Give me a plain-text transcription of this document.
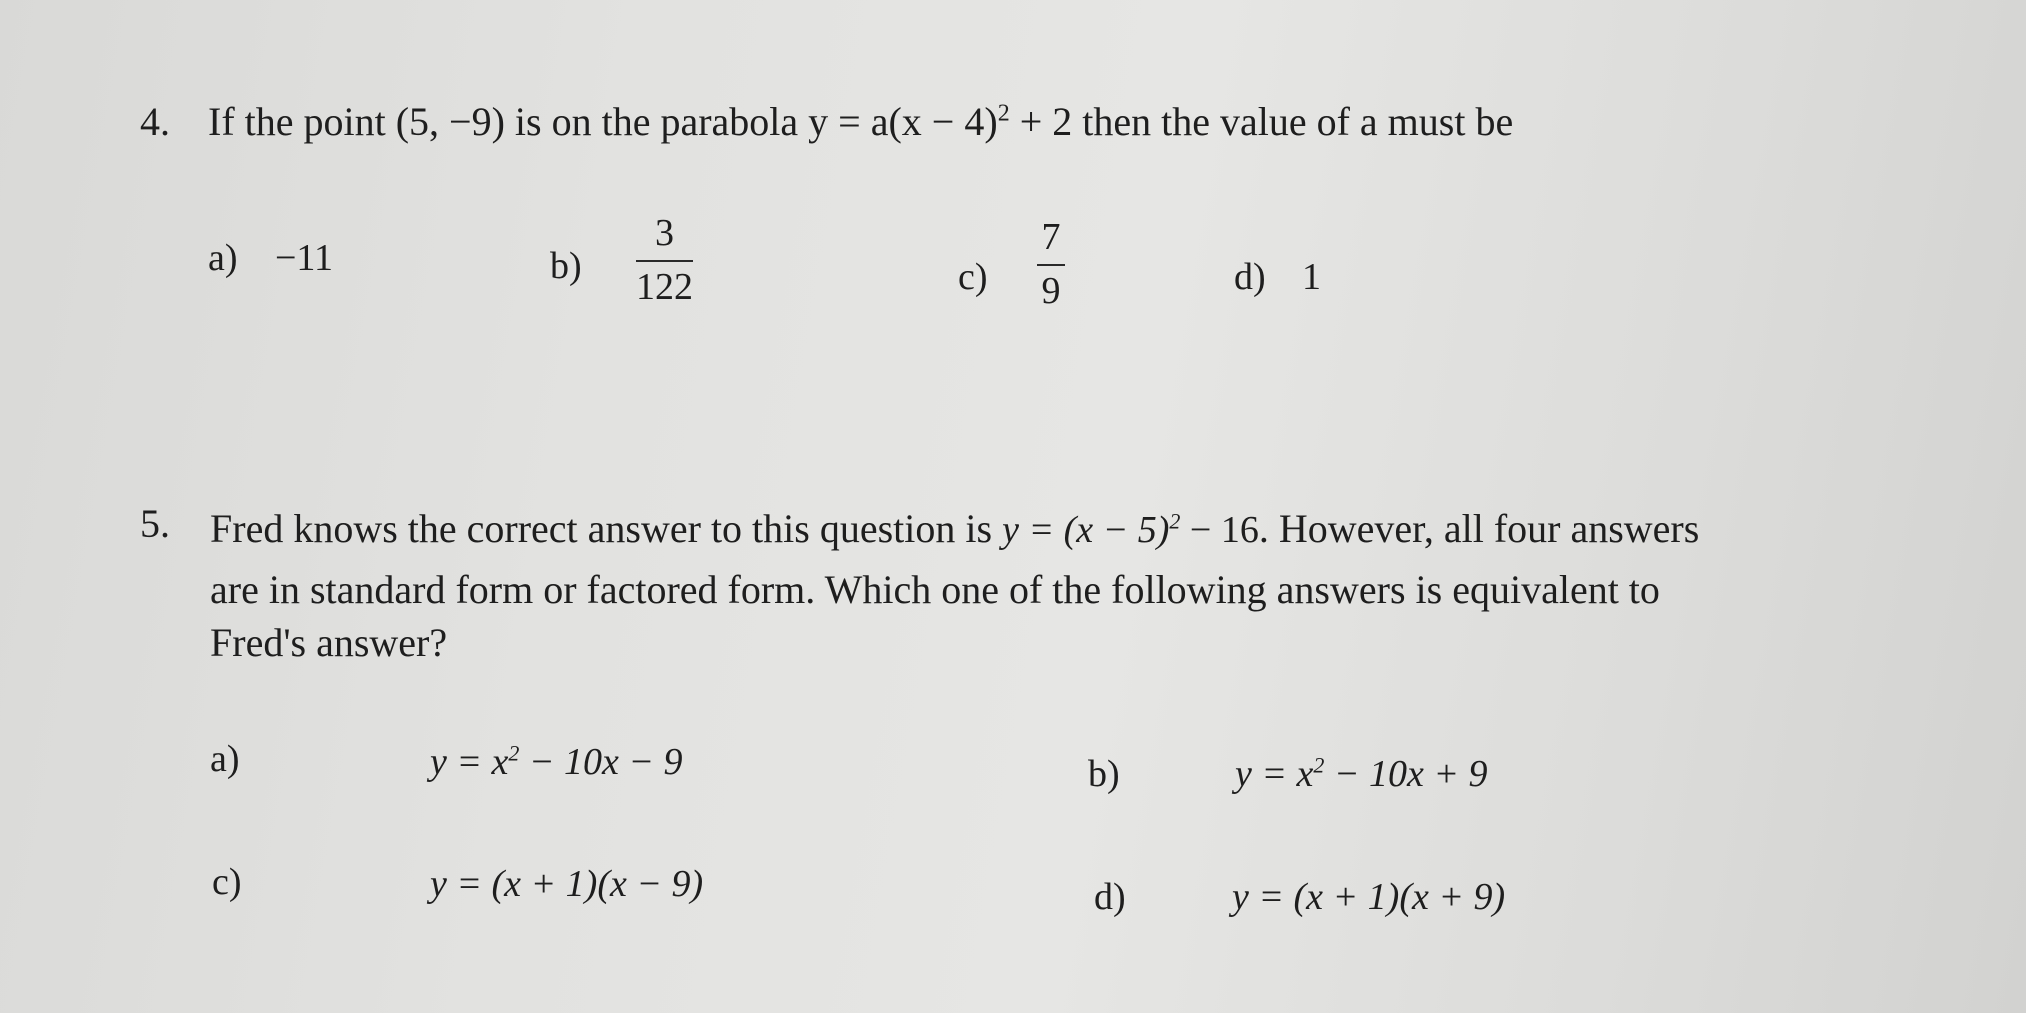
4. If the point (5, −9) is on the parabola $y = a(x - 4)^2 + 2$ then the value of a must be
a) −11	b)
3
122	c)
7
9	d) 1
5. Fred knows the correct answer to this question is $y = (x - 5)^2 - 16$. However, all four answers
are in standard form or factored form. Which one of the following answers is equivalent to
Fred's answer?
a)	$y = x^2 - 10x - 9$	b)	$y = x^2 - 10x + 9$
c)	y = (x + 1)(x − 9)	d)	y = (x + 1)(x + 9)
